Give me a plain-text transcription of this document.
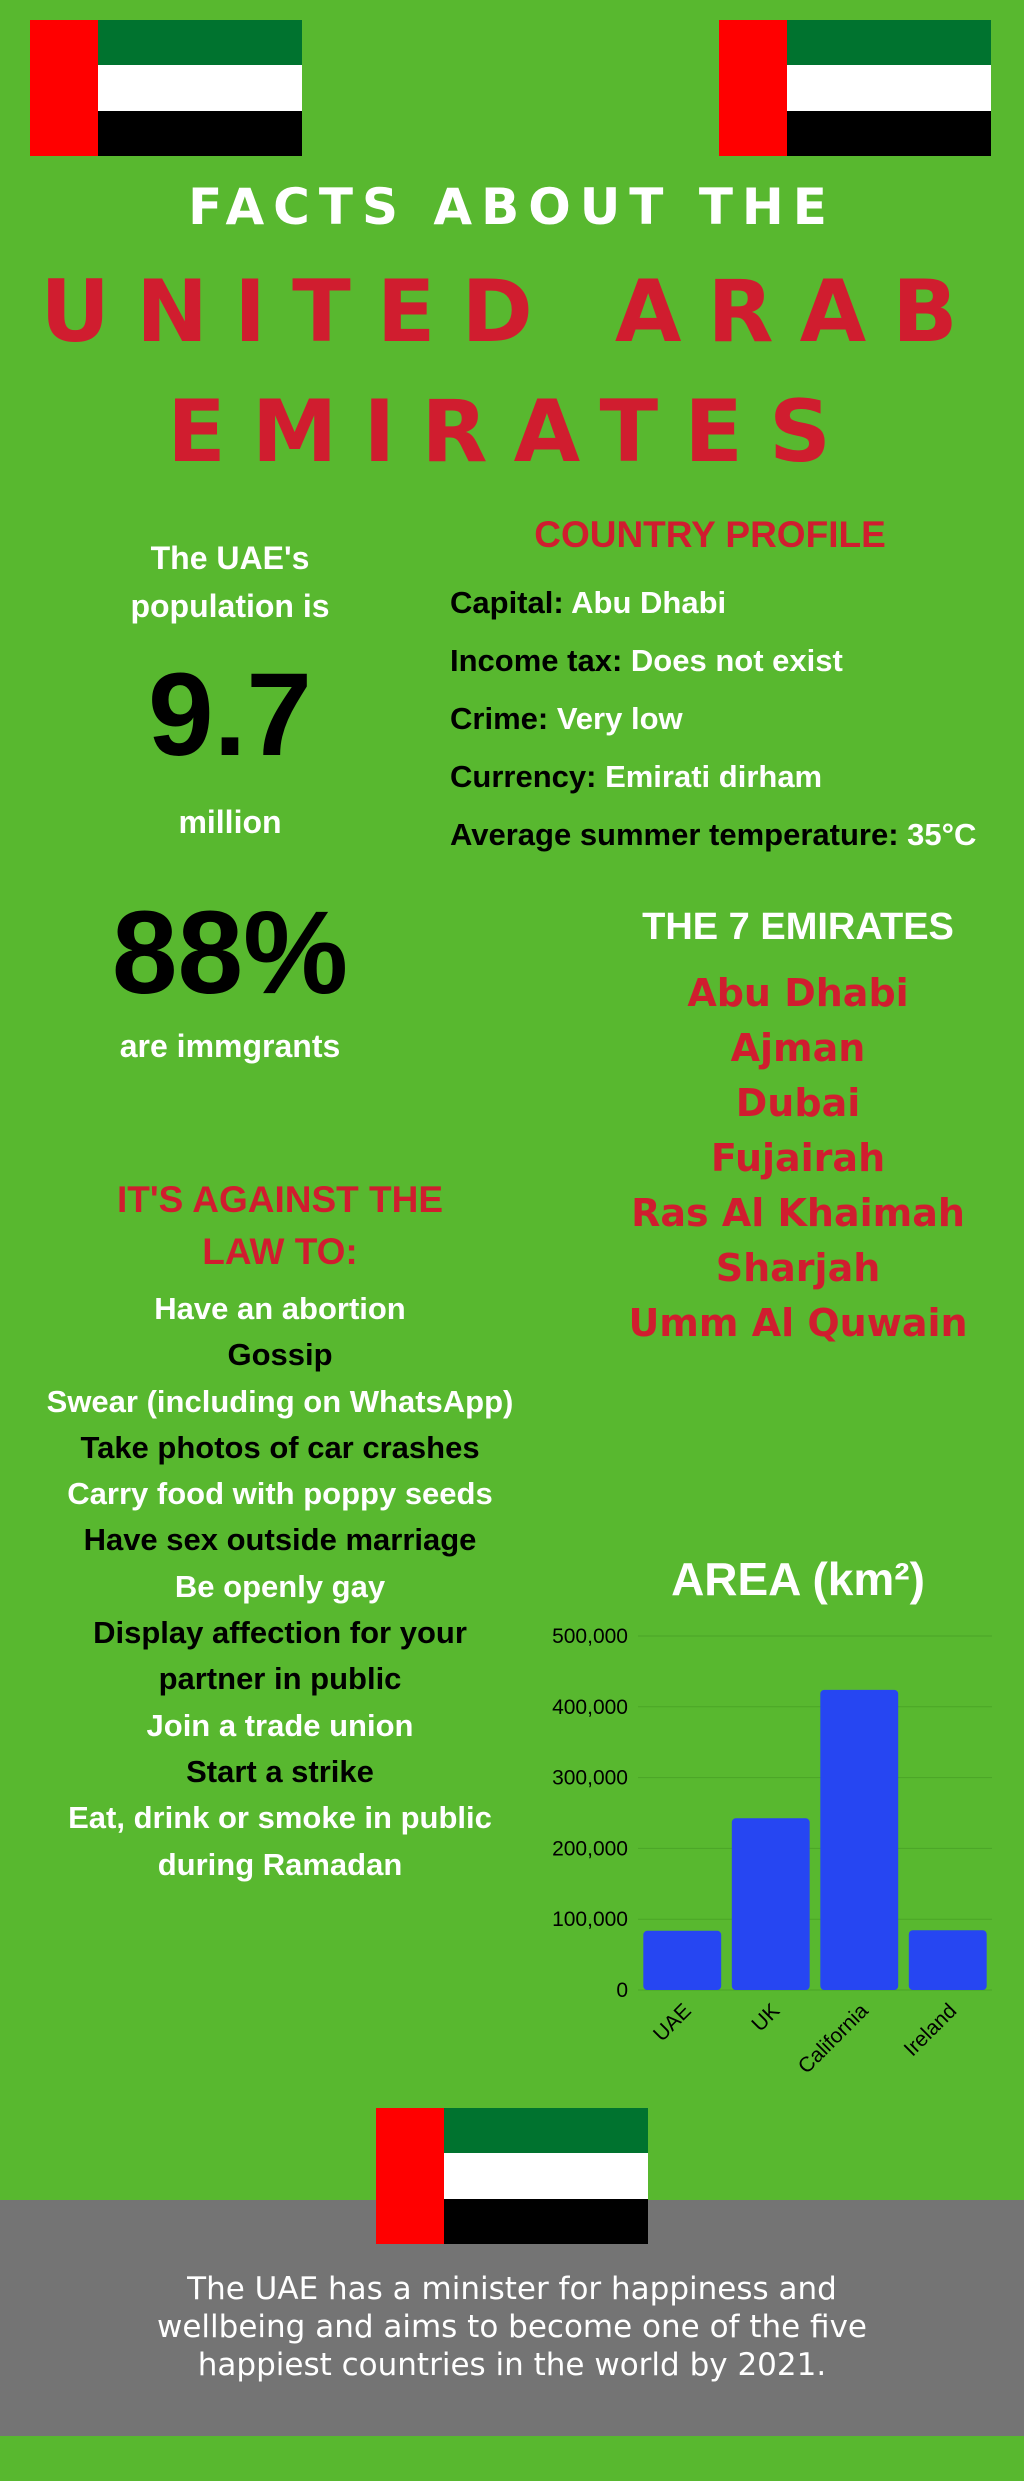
FACTS ABOUT THE
UNITED ARAB
EMIRATES
The UAE's population is
9.7
million
COUNTRY PROFILE
Capital: Abu Dhabi
Income tax: Does not exist
Crime: Very low
Currency: Emirati dirham
Average summer temperature: 35°C
88%
are immgrants
THE 7 EMIRATES
Abu Dhabi
Ajman
Dubai
Fujairah
Ras Al Khaimah
Sharjah
Umm Al Quwain
IT'S AGAINST THE LAW TO:
Have an abortion
Gossip
Swear (including on WhatsApp)
Take photos of car crashes
Carry food with poppy seeds
Have sex outside marriage
Be openly gay
Display affection for your
partner in public
Join a trade union
Start a strike
Eat, drink or smoke in public
during Ramadan
AREA (km²)
0
100,000
200,000
300,000
400,000
500,000
UAE UK California Ireland
The UAE has a minister for happiness and wellbeing and aims to become one of the five happiest countries in the world by 2021.
